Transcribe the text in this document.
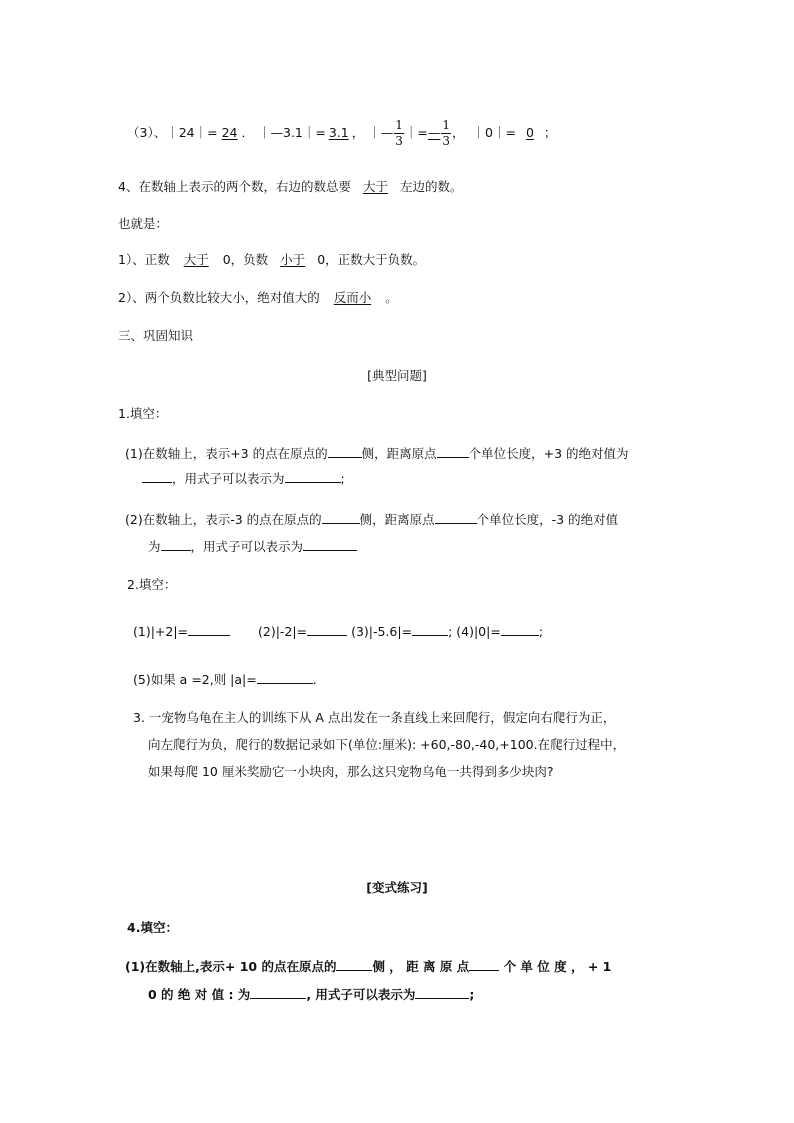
（3）、｜24｜= 24 ． ｜—3.1｜= 3.1 ， ｜— $\frac{1}{3}$ ｜=— $\frac{1}{3}$ ， ｜0｜= 0 ；
4、在数轴上表示的两个数，右边的数总要 大于 左边的数。
也就是：
1）、正数 大于 0，负数 小于 0，正数大于负数。
2）、两个负数比较大小，绝对值大的 反而小 。
三、巩固知识
[典型问题]
1.填空：
(1)在数轴上，表示+3 的点在原点的	侧，距离原点	个单位长度，+3 的绝对值为
，用式子可以表示为	;
(2)在数轴上，表示-3 的点在原点的	侧，距离原点	个单位长度，-3 的绝对值
为 ，用式子可以表示为
2.填空：
(1)|+2|=	(2)|-2|=	(3)|-5.6|=	; (4)|0|=	;
(5)如果 a =2,则 |a|=	.
3. 一宠物乌龟在主人的训练下从 A 点出发在一条直线上来回爬行，假定向右爬行为正，
向左爬行为负，爬行的数据记录如下(单位:厘米): +60,-80,-40,+100.在爬行过程中，
如果每爬 10 厘米奖励它一小块肉，那么这只宠物乌龟一共得到多少块肉?
[变式练习]
4.填空：
(1)在数轴上,表示+ 10 的点在原点的	侧 ， 距 离 原 点	个 单 位 度 ， + 1
0 的 绝 对 值 : 为	, 用式子可以表示为	;
